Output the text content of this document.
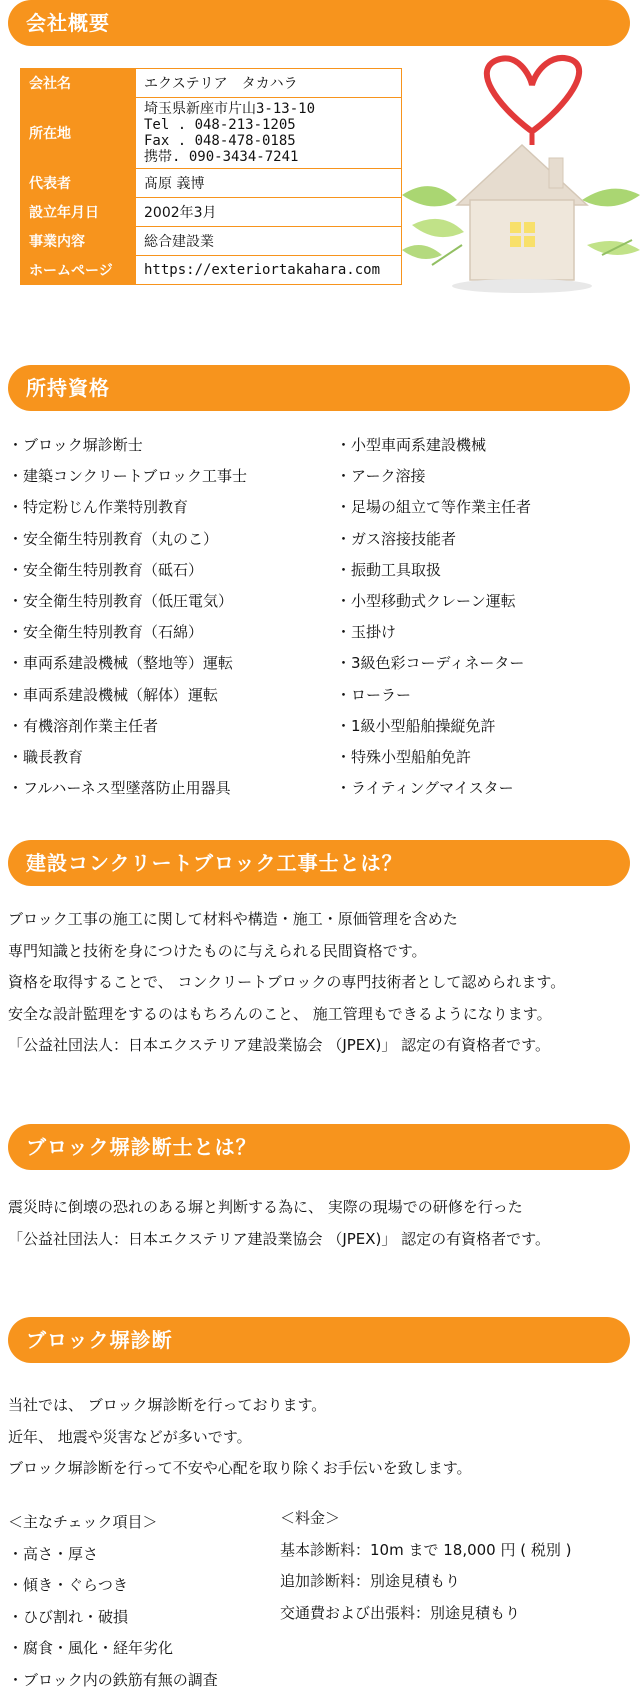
会社概要
会社名	エクステリア　タカハラ
所在地	埼玉県新座市片山3-13-10
Tel . 048-213-1205
Fax . 048-478-0185
携帯. 090-3434-7241

代表者	髙原 義博
設立年月日	2002年3月
事業内容	総合建設業
ホームページ	https://exteriortakahara.com
所持資格
・ブロック塀診断士
・建築コンクリートブロック工事士
・特定粉じん作業特別教育
・安全衛生特別教育（丸のこ）
・安全衛生特別教育（砥石）
・安全衛生特別教育（低圧電気）
・安全衛生特別教育（石綿）
・車両系建設機械（整地等）運転
・車両系建設機械（解体）運転
・有機溶剤作業主任者
・職長教育
・フルハーネス型墜落防止用器具
・小型車両系建設機械
・アーク溶接
・足場の組立て等作業主任者
・ガス溶接技能者
・振動工具取扱
・小型移動式クレーン運転
・玉掛け
・3級色彩コーディネーター
・ローラー
・1級小型船舶操縦免許
・特殊小型船舶免許
・ライティングマイスター
建設コンクリートブロック工事士とは？
ブロック工事の施工に関して材料や構造・施工・原価管理を含めた
専門知識と技術を身につけたものに与えられる民間資格です。
資格を取得することで、 コンクリートブロックの専門技術者として認められます。
安全な設計監理をするのはもちろんのこと、 施工管理もできるようになります。
「公益社団法人：日本エクステリア建設業協会 （JPEX)」 認定の有資格者です。
ブロック塀診断士とは？
震災時に倒壊の恐れのある塀と判断する為に、 実際の現場での研修を行った
「公益社団法人：日本エクステリア建設業協会 （JPEX)」 認定の有資格者です。
ブロック塀診断
当社では、 ブロック塀診断を行っております。
近年、 地震や災害などが多いです。
ブロック塀診断を行って不安や心配を取り除くお手伝いを致します。
＜主なチェック項目＞
・高さ・厚さ
・傾き・ぐらつき
・ひび割れ・破損
・腐食・風化・経年劣化
・ブロック内の鉄筋有無の調査
＜料金＞
基本診断料：10m まで 18,000 円 ( 税別 )
追加診断料：別途見積もり
交通費および出張料：別途見積もり
